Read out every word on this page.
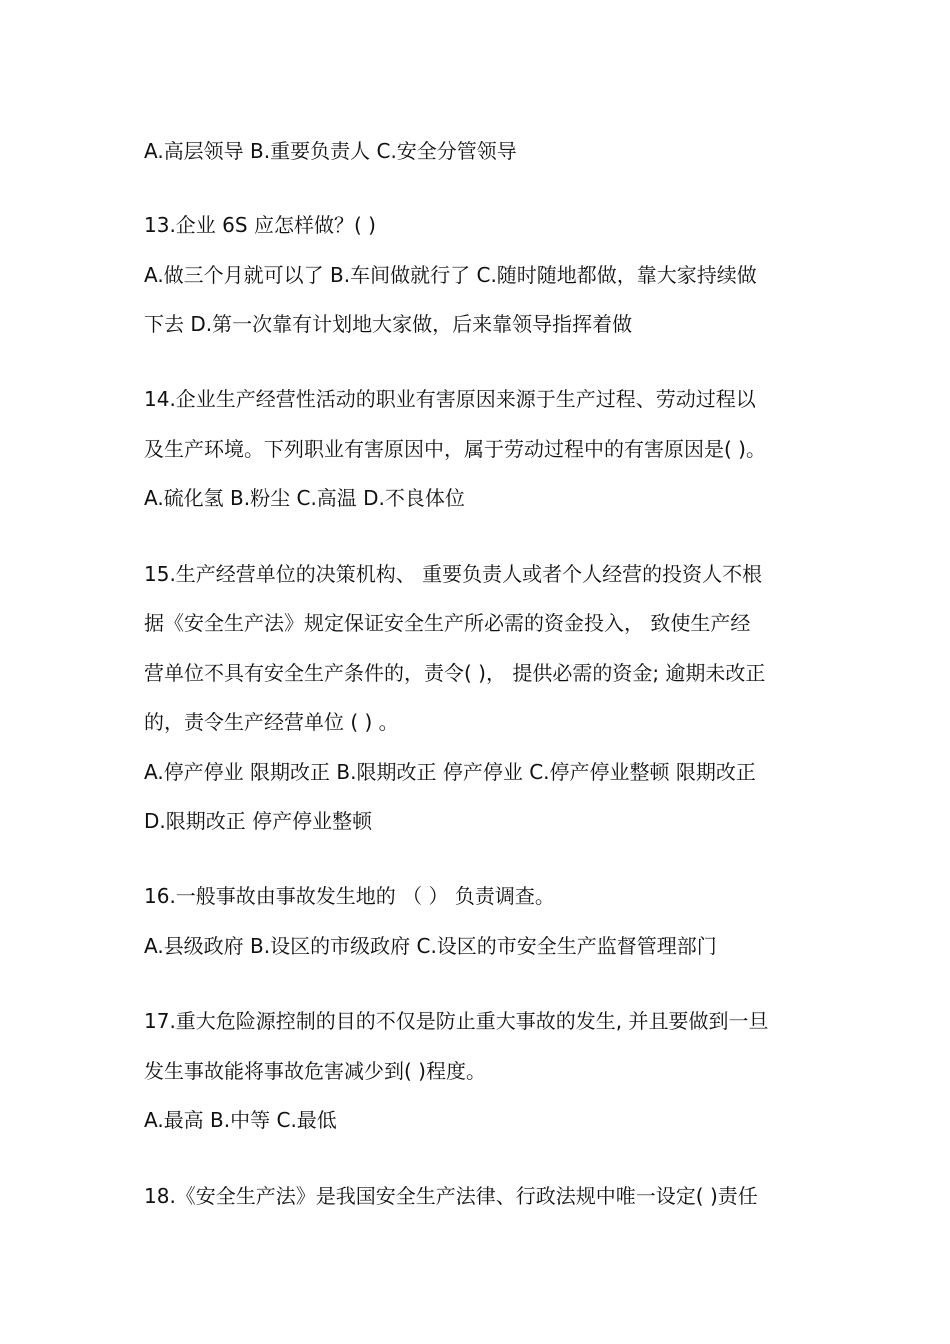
A.高层领导 B.重要负责人 C.安全分管领导
13.企业 6S 应怎样做？( )
A.做三个月就可以了 B.车间做就行了 C.随时随地都做，靠大家持续做
下去 D.第一次靠有计划地大家做，后来靠领导指挥着做
14.企业生产经营性活动的职业有害原因来源于生产过程、劳动过程以
及生产环境。下列职业有害原因中，属于劳动过程中的有害原因是( )。
A.硫化氢 B.粉尘 C.高温 D.不良体位
15.生产经营单位的决策机构、 重要负责人或者个人经营的投资人不根
据《安全生产法》规定保证安全生产所必需的资金投入， 致使生产经
营单位不具有安全生产条件的，责令( )， 提供必需的资金; 逾期未改正
的，责令生产经营单位 ( ) 。
A.停产停业 限期改正 B.限期改正 停产停业 C.停产停业整顿 限期改正
D.限期改正 停产停业整顿
16.一般事故由事故发生地的 （ ） 负责调查。
A.县级政府 B.设区的市级政府 C.设区的市安全生产监督管理部门
17.重大危险源控制的目的不仅是防止重大事故的发生, 并且要做到一旦
发生事故能将事故危害减少到( )程度。
A.最高 B.中等 C.最低
18.《安全生产法》是我国安全生产法律、行政法规中唯一设定( )责任
